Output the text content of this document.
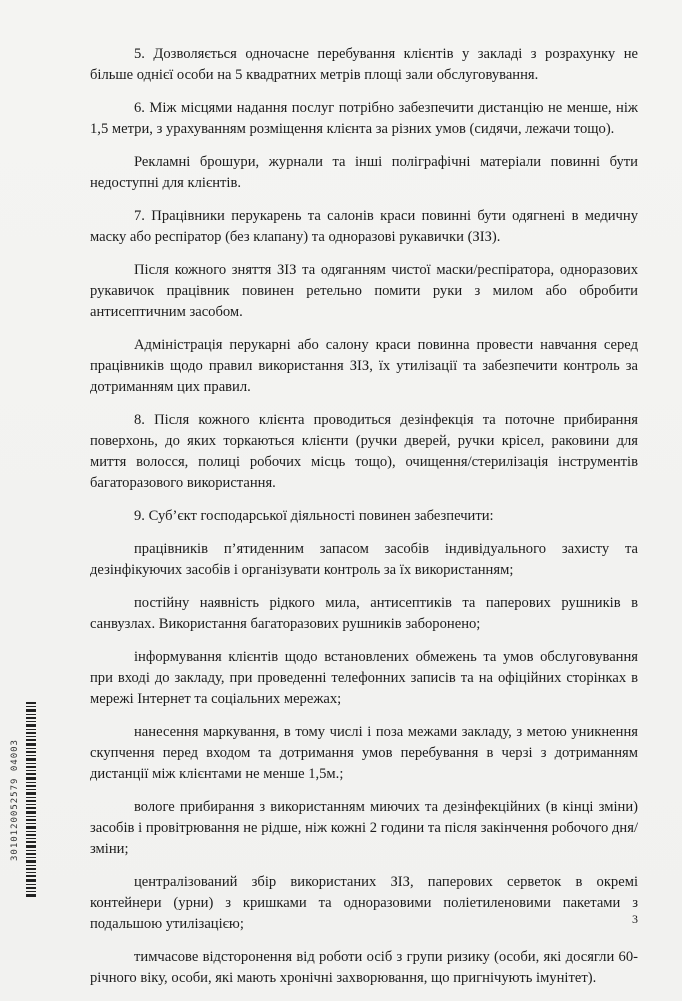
5. Дозволяється одночасне перебування клієнтів у закладі з розрахунку не більше однієї особи на 5 квадратних метрів площі зали обслуговування.

6. Між місцями надання послуг потрібно забезпечити дистанцію не менше, ніж 1,5 метри, з урахуванням розміщення клієнта за різних умов (сидячи, лежачи тощо).

Рекламні брошури, журнали та інші поліграфічні матеріали повинні бути недоступні для клієнтів.

7. Працівники перукарень та салонів краси повинні бути одягнені в медичну маску або респіратор (без клапану) та одноразові рукавички (ЗІЗ).

Після кожного зняття ЗІЗ та одяганням чистої маски/респіратора, одноразових рукавичок працівник повинен ретельно помити руки з милом або обробити антисептичним засобом.

Адміністрація перукарні або салону краси повинна провести навчання серед працівників щодо правил використання ЗІЗ, їх утилізації та забезпечити контроль за дотриманням цих правил.

8. Після кожного клієнта проводиться дезінфекція та поточне прибирання поверхонь, до яких торкаються клієнти (ручки дверей, ручки крісел, раковини для миття волосся, полиці робочих місць тощо), очищення/стерилізація інструментів багаторазового використання.

9. Суб’єкт господарської діяльності повинен забезпечити:

працівників п’ятиденним запасом засобів індивідуального захисту та дезінфікуючих засобів і організувати контроль за їх використанням;

постійну наявність рідкого мила, антисептиків та паперових рушників в санвузлах. Використання багаторазових рушників заборонено;

інформування клієнтів щодо встановлених обмежень та умов обслуговування при вході до закладу, при проведенні телефонних записів та на офіційних сторінках в мережі Інтернет та соціальних мережах;

нанесення маркування, в тому числі і поза межами закладу, з метою уникнення скупчення перед входом та дотримання умов перебування в черзі з дотриманням дистанції між клієнтами не менше 1,5м.;

вологе прибирання з використанням миючих та дезінфекційних (в кінці зміни) засобів і провітрювання не рідше, ніж кожні 2 години та після закінчення робочого дня/зміни;

централізований збір використаних ЗІЗ, паперових серветок в окремі контейнери (урни) з кришками та одноразовими поліетиленовими пакетами з подальшою утилізацією;

тимчасове відсторонення від роботи осіб з групи ризику (особи, які досягли 60-річного віку, особи, які мають хронічні захворювання, що пригнічують імунітет).

3010120052579 04003
3
